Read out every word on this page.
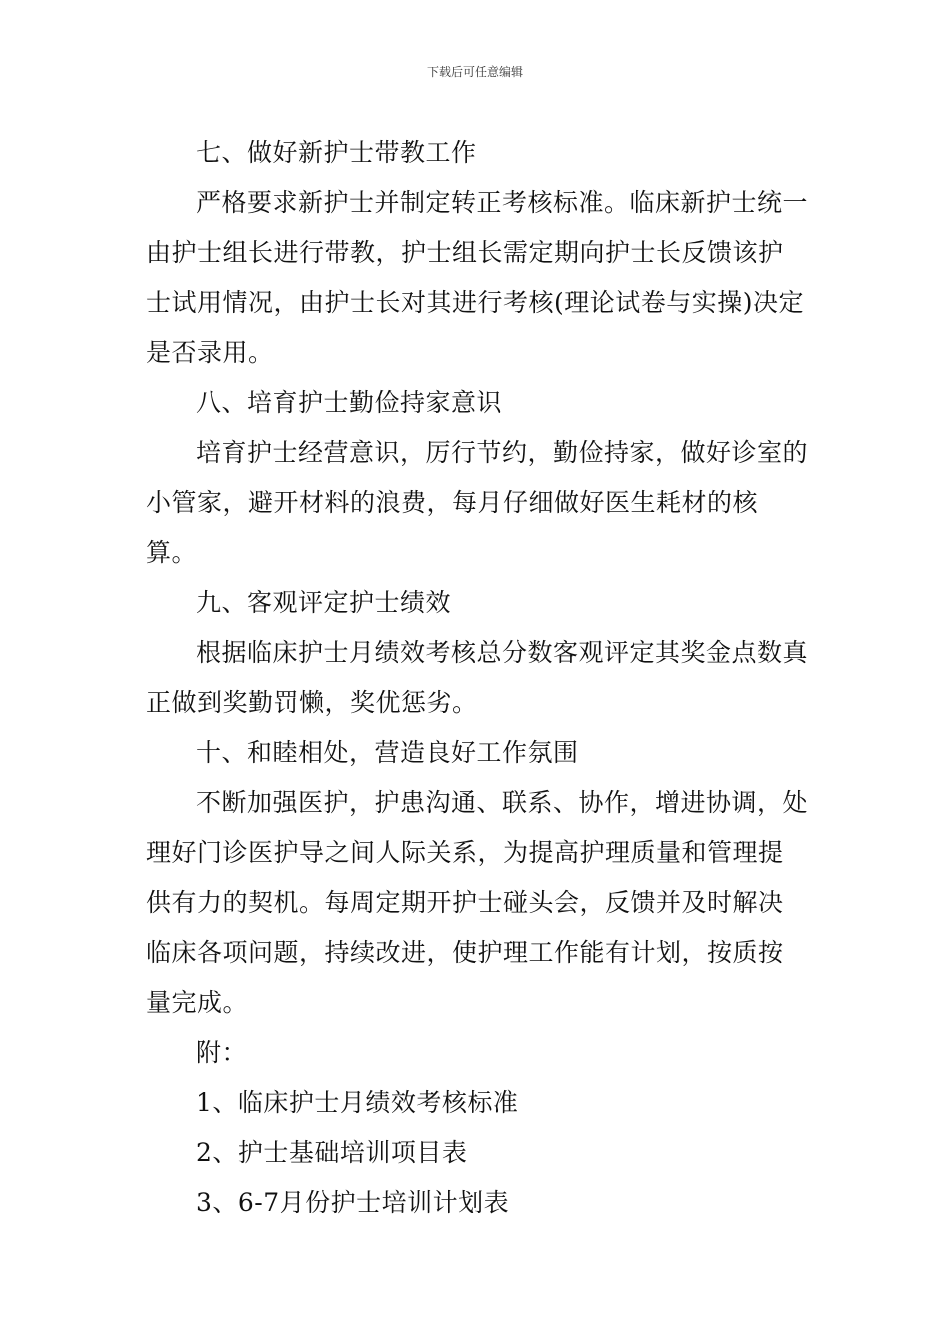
下载后可任意编辑

七、做好新护士带教工作

严格要求新护士并制定转正考核标准。临床新护士统一由护士组长进行带教，护士组长需定期向护士长反馈该护士试用情况，由护士长对其进行考核(理论试卷与实操)决定是否录用。

八、培育护士勤俭持家意识

培育护士经营意识，厉行节约，勤俭持家，做好诊室的小管家，避开材料的浪费，每月仔细做好医生耗材的核算。

九、客观评定护士绩效

根据临床护士月绩效考核总分数客观评定其奖金点数真正做到奖勤罚懒，奖优惩劣。

十、和睦相处，营造良好工作氛围

不断加强医护，护患沟通、联系、协作，增进协调，处理好门诊医护导之间人际关系，为提高护理质量和管理提供有力的契机。每周定期开护士碰头会，反馈并及时解决临床各项问题，持续改进，使护理工作能有计划，按质按量完成。

附：

1、临床护士月绩效考核标准

2、护士基础培训项目表

3、6-7月份护士培训计划表
